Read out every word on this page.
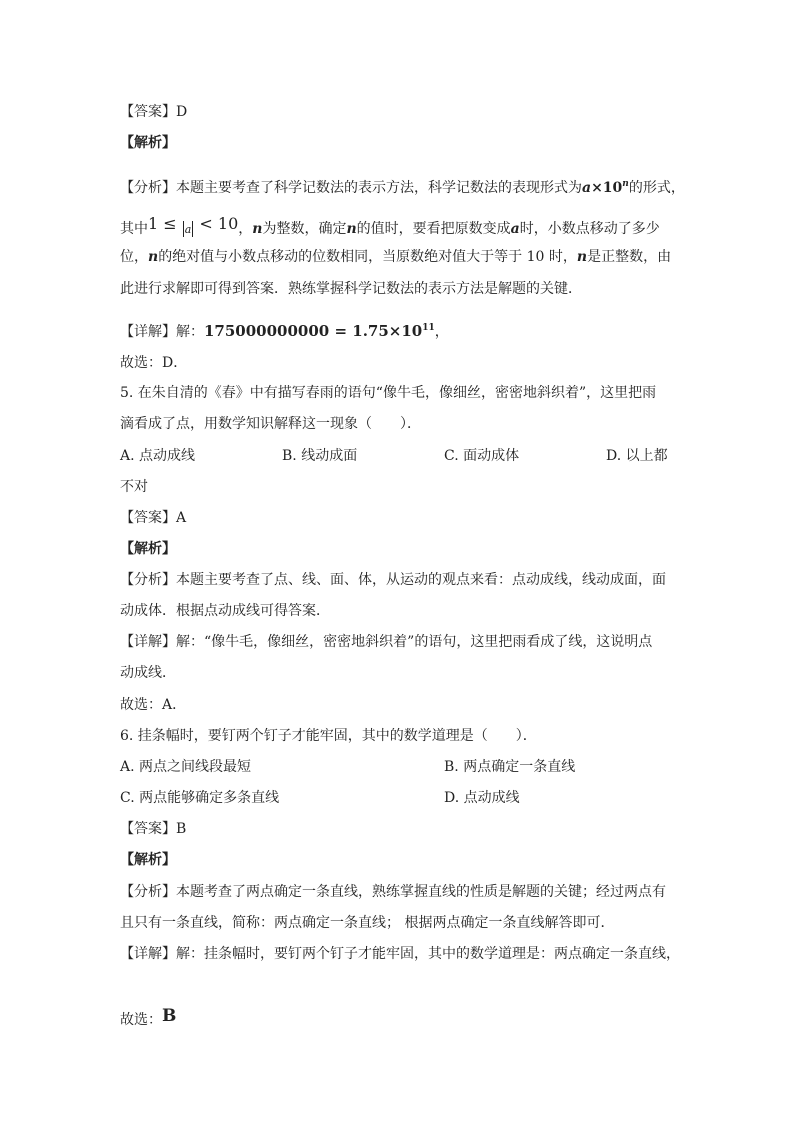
【答案】D
【解析】
【分析】本题主要考查了科学记数法的表示方法，科学记数法的表现形式为$a\times 10^n$的形式，
其中1 ≤ a < 10，n为整数，确定n的值时，要看把原数变成a时，小数点移动了多少
位，n的绝对值与小数点移动的位数相同，当原数绝对值大于等于 10 时，n是正整数，由
此进行求解即可得到答案．熟练掌握科学记数法的表示方法是解题的关键．
【详解】解：$175000000000 = 1.75\times 10^{11}$，
故选：D．
5. 在朱自清的《春》中有描写春雨的语句“像牛毛，像细丝，密密地斜织着”，这里把雨
滴看成了点，用数学知识解释这一现象（　　）．
A. 点动成线	B. 线动成面	C. 面动成体	D. 以上都
不对
【答案】A
【解析】
【分析】本题主要考查了点、线、面、体，从运动的观点来看：点动成线，线动成面，面
动成体．根据点动成线可得答案．
【详解】解：“像牛毛，像细丝，密密地斜织着”的语句，这里把雨看成了线，这说明点
动成线．
故选：A．
6. 挂条幅时，要钉两个钉子才能牢固，其中的数学道理是（　　）．
A. 两点之间线段最短	B. 两点确定一条直线
C. 两点能够确定多条直线	D. 点动成线
【答案】B
【解析】
【分析】本题考查了两点确定一条直线，熟练掌握直线的性质是解题的关键；经过两点有
且只有一条直线，简称：两点确定一条直线； 根据两点确定一条直线解答即可．
【详解】解：挂条幅时，要钉两个钉子才能牢固，其中的数学道理是：两点确定一条直线，
故选：B
